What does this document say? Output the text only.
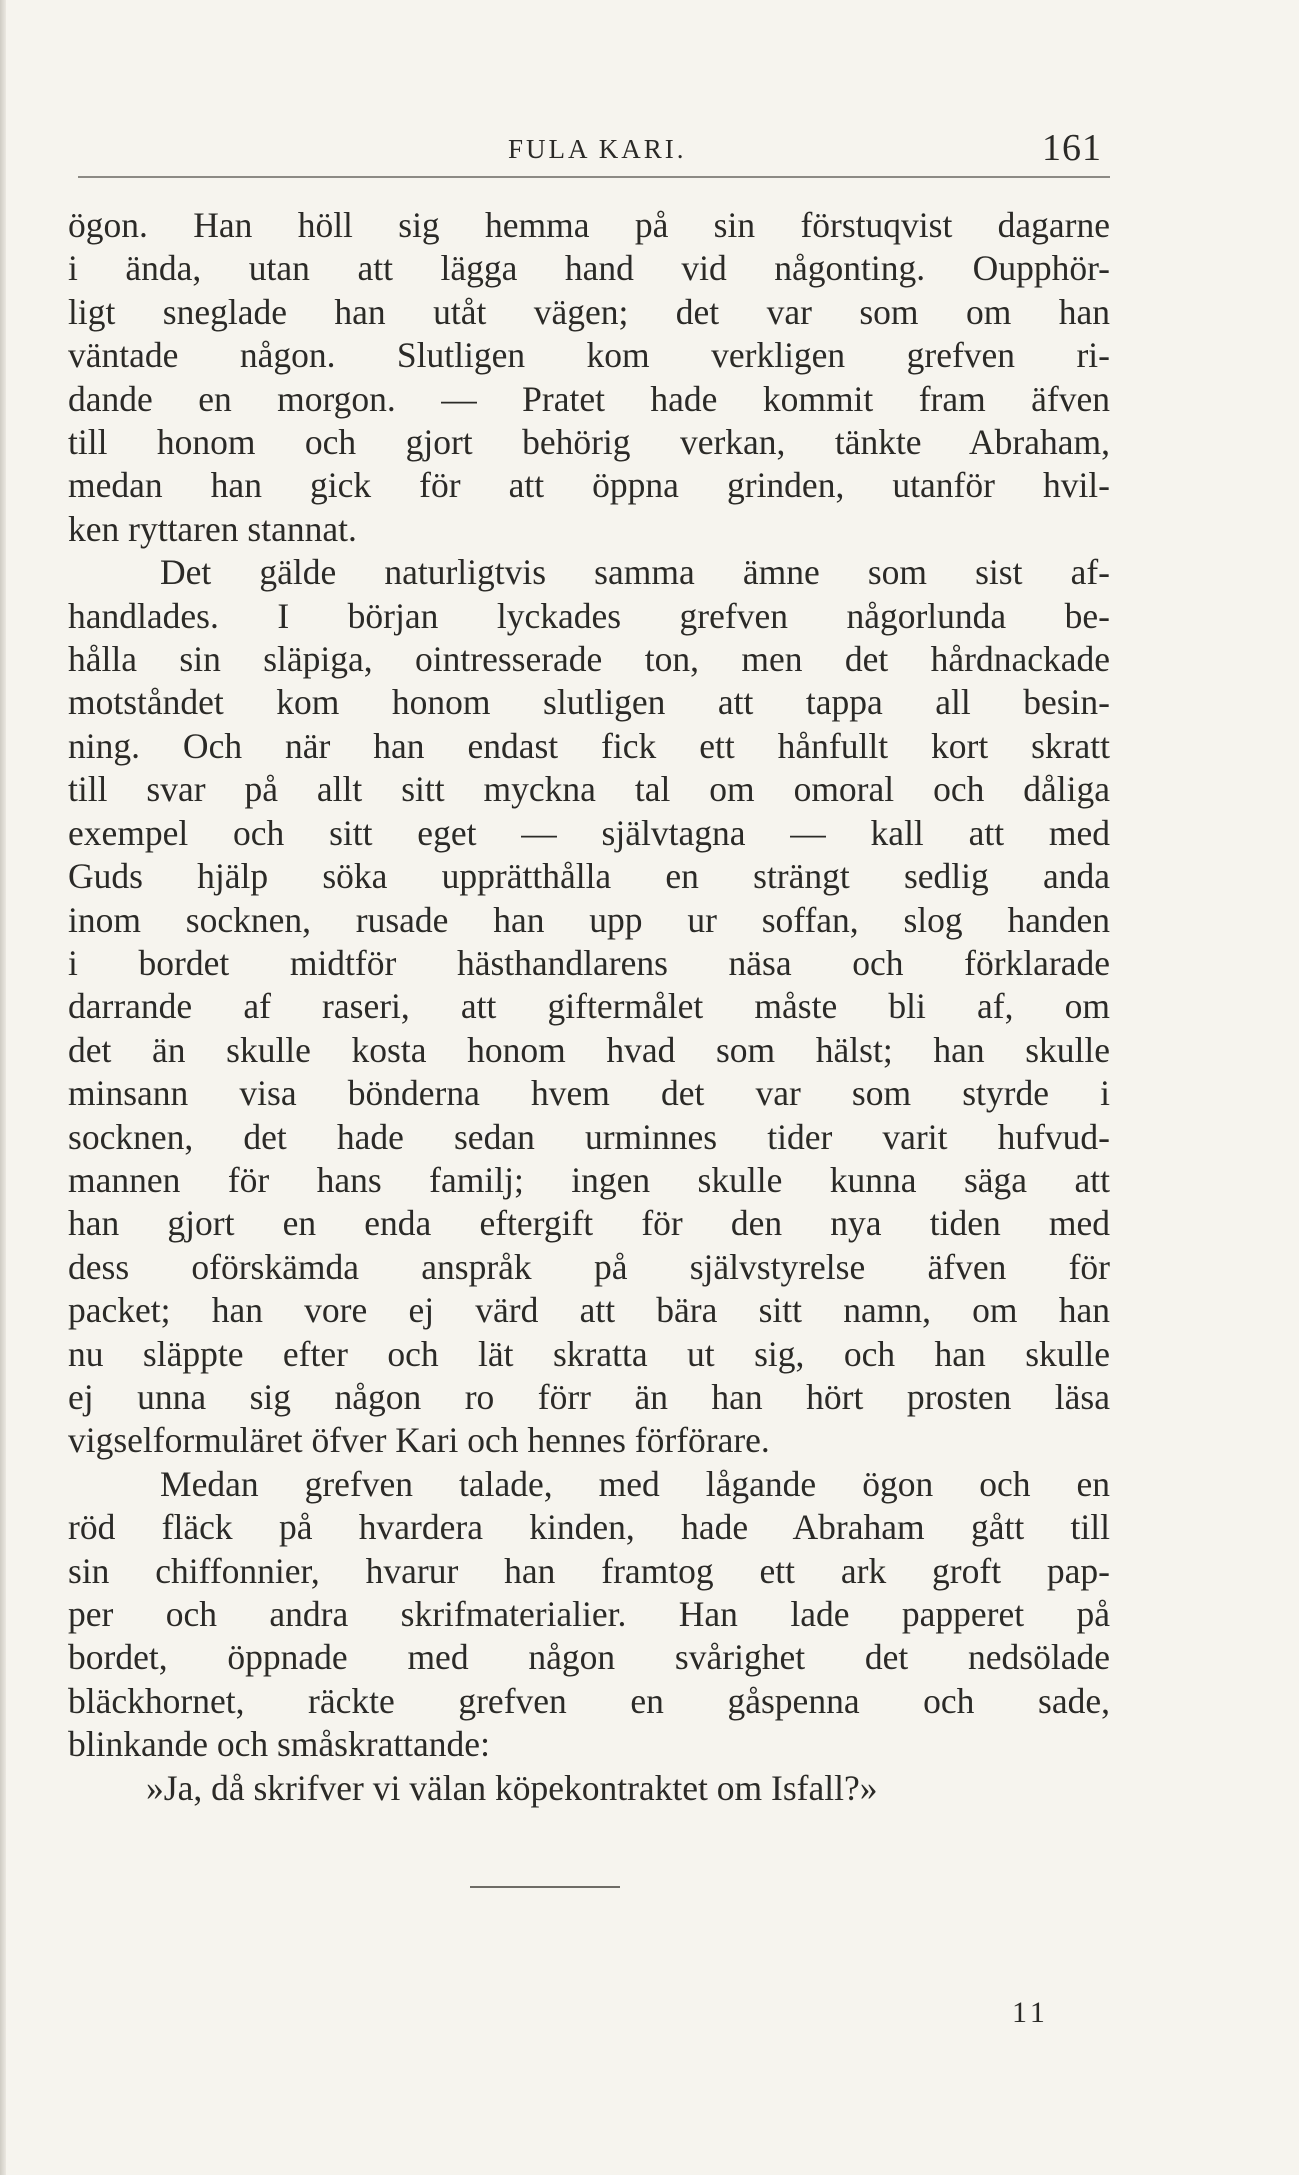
FULA KARI.	161
ögon. Han höll sig hemma på sin förstuqvist dagarne
i ända, utan att lägga hand vid någonting. Oupphör-
ligt sneglade han utåt vägen; det var som om han
väntade någon. Slutligen kom verkligen grefven ri-
dande en morgon. — Pratet hade kommit fram äfven
till honom och gjort behörig verkan, tänkte Abraham,
medan han gick för att öppna grinden, utanför hvil-
ken ryttaren stannat.
Det gälde naturligtvis samma ämne som sist af-
handlades. I början lyckades grefven någorlunda be-
hålla sin släpiga, ointresserade ton, men det hårdnackade
motståndet kom honom slutligen att tappa all besin-
ning. Och när han endast fick ett hånfullt kort skratt
till svar på allt sitt myckna tal om omoral och dåliga
exempel och sitt eget — självtagna — kall att med
Guds hjälp söka upprätthålla en strängt sedlig anda
inom socknen, rusade han upp ur soffan, slog handen
i bordet midtför hästhandlarens näsa och förklarade
darrande af raseri, att giftermålet måste bli af, om
det än skulle kosta honom hvad som hälst; han skulle
minsann visa bönderna hvem det var som styrde i
socknen, det hade sedan urminnes tider varit hufvud-
mannen för hans familj; ingen skulle kunna säga att
han gjort en enda eftergift för den nya tiden med
dess oförskämda anspråk på självstyrelse äfven för
packet; han vore ej värd att bära sitt namn, om han
nu släppte efter och lät skratta ut sig, och han skulle
ej unna sig någon ro förr än han hört prosten läsa
vigselformuläret öfver Kari och hennes förförare.
Medan grefven talade, med lågande ögon och en
röd fläck på hvardera kinden, hade Abraham gått till
sin chiffonnier, hvarur han framtog ett ark groft pap-
per och andra skrifmaterialier. Han lade papperet på
bordet, öppnade med någon svårighet det nedsölade
bläckhornet, räckte grefven en gåspenna och sade,
blinkande och småskrattande:
»Ja, då skrifver vi välan köpekontraktet om Isfall?»
11
